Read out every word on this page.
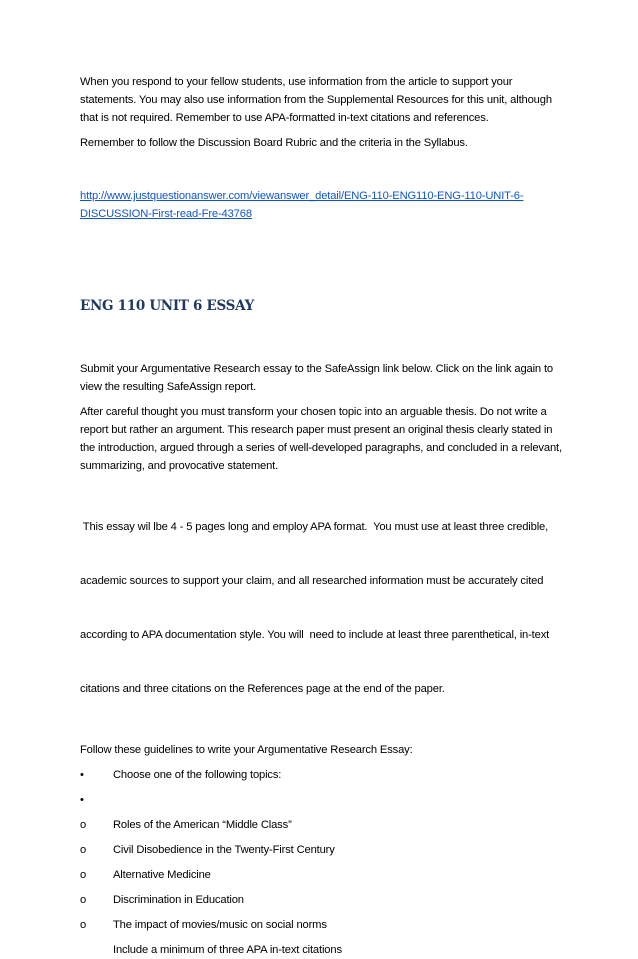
When you respond to your fellow students, use information from the article to support your
statements. You may also use information from the Supplemental Resources for this unit, although
that is not required. Remember to use APA-formatted in-text citations and references.

Remember to follow the Discussion Board Rubric and the criteria in the Syllabus.

http://www.justquestionanswer.com/viewanswer_detail/ENG-110-ENG110-ENG-110-UNIT-6-
DISCUSSION-First-read-Fre-43768
ENG 110 UNIT 6 ESSAY

Submit your Argumentative Research essay to the SafeAssign link below. Click on the link again to
view the resulting SafeAssign report.

After careful thought you must transform your chosen topic into an arguable thesis. Do not write a
report but rather an argument. This research paper must present an original thesis clearly stated in
the introduction, argued through a series of well-developed paragraphs, and concluded in a relevant,
summarizing, and provocative statement.

This essay wil lbe 4 - 5 pages long and employ APA format.  You must use at least three credible,

academic sources to support your claim, and all researched information must be accurately cited

according to APA documentation style. You will  need to include at least three parenthetical, in-text

citations and three citations on the References page at the end of the paper.

Follow these guidelines to write your Argumentative Research Essay:

•	Choose one of the following topics:
•
o	Roles of the American “Middle Class”
o	Civil Disobedience in the Twenty-First Century
o	Alternative Medicine
o	Discrimination in Education
o	The impact of movies/music on social norms
Include a minimum of three APA in-text citations
